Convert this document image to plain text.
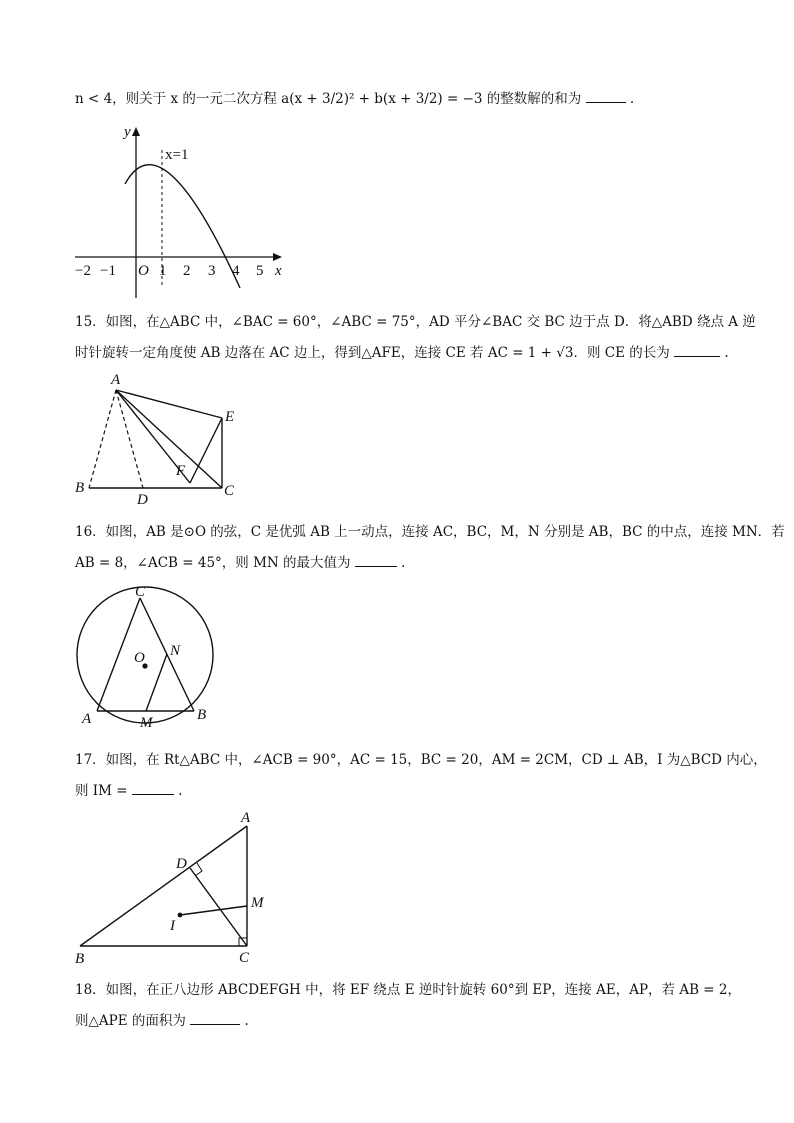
n < 4，则关于 x 的一元二次方程 a(x + 3/2)² + b(x + 3/2) = −3 的整数解的和为	.
y
x
x=1
O
−2 −1	1 2 3 4 5
15．如图，在△ABC 中，∠BAC = 60°，∠ABC = 75°，AD 平分∠BAC 交 BC 边于点 D．将△ABD 绕点 A 逆
时针旋转一定角度使 AB 边落在 AC 边上，得到△AFE，连接 CE 若 AC = 1 + √3．则 CE 的长为	.
A
B	C
D
E
F
16．如图，AB 是⊙O 的弦，C 是优弧 AB 上一动点，连接 AC，BC，M，N 分别是 AB，BC 的中点，连接 MN．若
AB = 8，∠ACB = 45°，则 MN 的最大值为	.
C
O N
A	B
M
17．如图，在 Rt△ABC 中，∠ACB = 90°，AC = 15，BC = 20，AM = 2CM，CD ⊥ AB，I 为△BCD 内心，
则 IM =	.
A
B	C
D
I
M
18．如图，在正八边形 ABCDEFGH 中，将 EF 绕点 E 逆时针旋转 60°到 EP，连接 AE，AP，若 AB = 2，
则△APE 的面积为	.
